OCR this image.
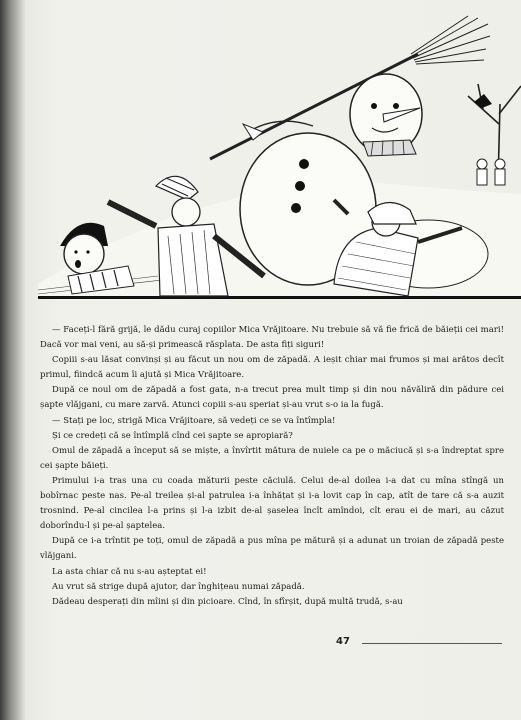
— Faceți-l fără grijă, le dădu curaj copiilor Mica Vrăjitoare. Nu trebuie să vă fie frică de băieții cei mari! Dacă vor mai veni, au să-și primească răsplata. De asta fiți siguri!

Copiii s-au lăsat convinși și au făcut un nou om de zăpadă. A ieșit chiar mai frumos și mai arătos decît primul, fiindcă acum îi ajută și Mica Vrăjitoare.

După ce noul om de zăpadă a fost gata, n-a trecut prea mult timp și din nou năvăliră din pădure cei șapte vlăjgani, cu mare zarvă. Atunci copiii s-au speriat și-au vrut s-o ia la fugă.

— Stați pe loc, strigă Mica Vrăjitoare, să vedeți ce se va întîmpla!

Și ce credeți că se întîmplă cînd cei șapte se apropiară?

Omul de zăpadă a început să se miște, a învîrtit mătura de nuiele ca pe o măciucă și s-a îndreptat spre cei șapte băieți.

Primului i-a tras una cu coada măturii peste căciulă. Celui de-al doilea i-a dat cu mîna stîngă un bobîrnac peste nas. Pe-al treilea și-al patrulea i-a înhățat și i-a lovit cap în cap, atît de tare că s-a auzit trosnind. Pe-al cincilea l-a prins și l-a izbit de-al șaselea încît amîndoi, cît erau ei de mari, au căzut doborîndu-l și pe-al șaptelea.

După ce i-a trîntit pe toți, omul de zăpadă a pus mîna pe mătură și a adunat un troian de zăpadă peste vlăjgani.

La asta chiar că nu s-au așteptat ei!

Au vrut să strige după ajutor, dar înghițeau numai zăpadă.

Dădeau desperați din mîini și din picioare. Cînd, în sfîrșit, după multă trudă, s-au

47
